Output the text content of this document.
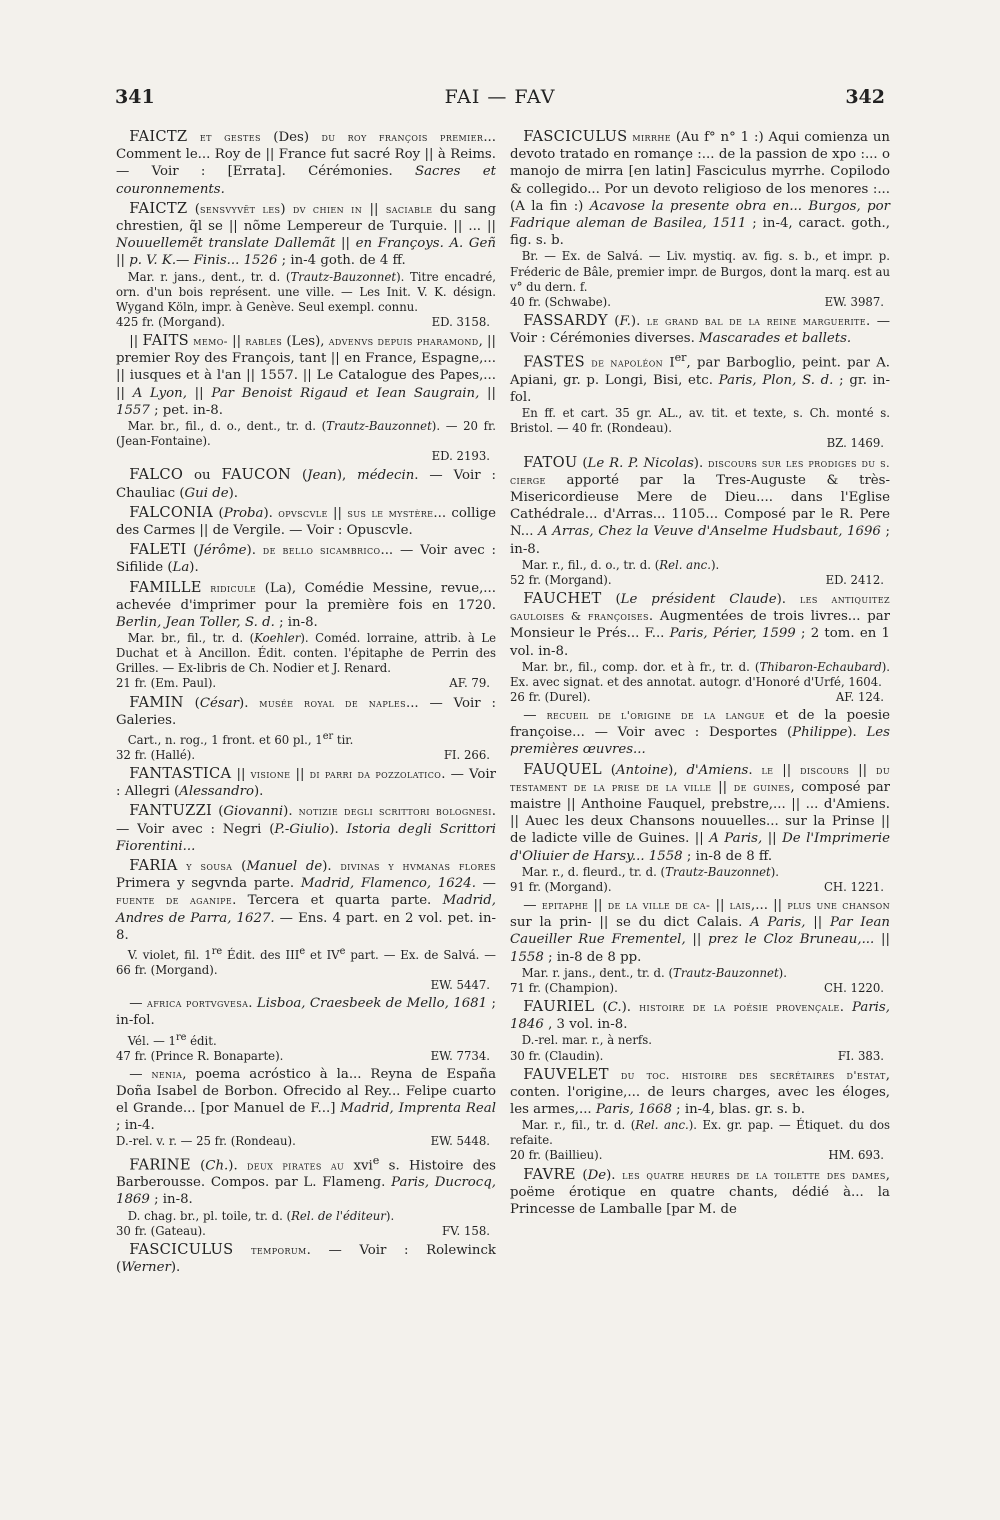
341	FAI — FAV	342

 FAICTZ et gestes (Des) du roy françois premier... Comment le... Roy de || France fut sacré Roy || à Reims. — Voir : [Errata]. Cérémonies. Sacres et couronnements.

 FAICTZ (sensvyvẽt les) dv chien in || saciable du sang chrestien, q̃l se || nõme Lempereur de Turquie. || ... || Nouuellemẽt translate Dallemãt || en Françoys. A. Geñ || p. V. K.— Finis... 1526 ; in-4 goth. de 4 ff.

 Mar. r. jans., dent., tr. d. (Trautz-Bauzonnet). Titre encadré, orn. d'un bois représent. une ville. — Les Init. V. K. désign. Wygand Köln, impr. à Genève. Seul exempl. connu.

425 fr. (Morgand).	ED. 3158.

 || FAITS memo- || rables (Les), advenvs depuis pharamond, || premier Roy des François, tant || en France, Espagne,... || iusques et à l'an || 1557. || Le Catalogue des Papes,... || A Lyon, || Par Benoist Rigaud et Iean Saugrain, || 1557 ; pet. in-8.

 Mar. br., fil., d. o., dent., tr. d. (Trautz-Bauzonnet). — 20 fr. (Jean-Fontaine).

ED. 2193.

 FALCO ou FAUCON (Jean), médecin. — Voir : Chauliac (Gui de).

 FALCONIA (Proba). opvscvle || sus le mystère... collige des Carmes || de Vergile. — Voir : Opuscvle.

 FALETI (Jérôme). de bello sicambrico... — Voir avec : Sifilide (La).

 FAMILLE ridicule (La), Comédie Messine, revue,... achevée d'imprimer pour la première fois en 1720. Berlin, Jean Toller, S. d. ; in-8.

 Mar. br., fil., tr. d. (Koehler). Coméd. lorraine, attrib. à Le Duchat et à Ancillon. Édit. conten. l'épitaphe de Perrin des Grilles. — Ex-libris de Ch. Nodier et J. Renard.

21 fr. (Em. Paul).	AF. 79.

 FAMIN (César). musée royal de naples... — Voir : Galeries.

 Cart., n. rog., 1 front. et 60 pl., 1er tir.

32 fr. (Hallé).	FI. 266.

 FANTASTICA || visione || di parri da pozzolatico. — Voir : Allegri (Alessandro).

 FANTUZZI (Giovanni). notizie degli scrittori bolognesi. — Voir avec : Negri (P.-Giulio). Istoria degli Scrittori Fiorentini...

 FARIA y sousa (Manuel de). divinas y hvmanas flores Primera y segvnda parte. Madrid, Flamenco, 1624. — fuente de aganipe. Tercera et quarta parte. Madrid, Andres de Parra, 1627. — Ens. 4 part. en 2 vol. pet. in-8.

 V. violet, fil. 1re Édit. des IIIe et IVe part. — Ex. de Salvá. — 66 fr. (Morgand).

EW. 5447.

 — africa portvgvesa. Lisboa, Craesbeek de Mello, 1681 ; in-fol.

 Vél. — 1re édit.

47 fr. (Prince R. Bonaparte).	EW. 7734.

 — nenia, poema acróstico à la... Reyna de España Doña Isabel de Borbon. Ofrecido al Rey... Felipe cuarto el Grande... [por Manuel de F...] Madrid, Imprenta Real ; in-4.

D.-rel. v. r. — 25 fr. (Rondeau).	EW. 5448.

 FARINE (Ch.). deux pirates au xvi$^e$ s. Histoire des Barberousse. Compos. par L. Flameng. Paris, Ducrocq, 1869 ; in-8.

 D. chag. br., pl. toile, tr. d. (Rel. de l'éditeur).

30 fr. (Gateau).	FV. 158.

 FASCICULUS temporum. — Voir : Rolewinck (Werner).

 FASCICULUS mirrhe (Au f° n° 1 :) Aqui comienza un devoto tratado en romançe :... de la passion de xpo :... o manojo de mirra [en latin] Fasciculus myrrhe. Copilodo & collegido... Por un devoto religioso de los menores :... (A la fin :) Acavose la presente obra en... Burgos, por Fadrique aleman de Basilea, 1511 ; in-4, caract. goth., fig. s. b.

 Br. — Ex. de Salvá. — Liv. mystiq. av. fig. s. b., et impr. p. Fréderic de Bâle, premier impr. de Burgos, dont la marq. est au v° du dern. f.

40 fr. (Schwabe).	EW. 3987.

 FASSARDY (F.). le grand bal de la reine marguerite. — Voir : Cérémonies diverses. Mascarades et ballets.

 FASTES de napoléon Ier, par Barboglio, peint. par A. Apiani, gr. p. Longi, Bisi, etc. Paris, Plon, S. d. ; gr. in-fol.

 En ff. et cart. 35 gr. AL., av. tit. et texte, s. Ch. monté s. Bristol. — 40 fr. (Rondeau).

BZ. 1469.

 FATOU (Le R. P. Nicolas). discours sur les prodiges du s. cierge apporté par la Tres-Auguste & très-Misericordieuse Mere de Dieu.... dans l'Eglise Cathédrale... d'Arras... 1105... Composé par le R. Pere N... A Arras, Chez la Veuve d'Anselme Hudsbaut, 1696 ; in-8.

 Mar. r., fil., d. o., tr. d. (Rel. anc.).

52 fr. (Morgand).	ED. 2412.

 FAUCHET (Le président Claude). les antiquitez gauloises & françoises. Augmentées de trois livres... par Monsieur le Prés... F... Paris, Périer, 1599 ; 2 tom. en 1 vol. in-8.

 Mar. br., fil., comp. dor. et à fr., tr. d. (Thibaron-Echaubard). Ex. avec signat. et des annotat. autogr. d'Honoré d'Urfé, 1604.

26 fr. (Durel).	AF. 124.

 — recueil de l'origine de la langue et de la poesie françoise... — Voir avec : Desportes (Philippe). Les premières œuvres...

 FAUQUEL (Antoine), d'Amiens. le || discours || du testament de la prise de la ville || de guines, composé par maistre || Anthoine Fauquel, prebstre,... || ... d'Amiens. || Auec les deux Chansons nouuelles... sur la Prinse || de ladicte ville de Guines. || A Paris, || De l'Imprimerie d'Oliuier de Harsy... 1558 ; in-8 de 8 ff.

 Mar. r., d. fleurd., tr. d. (Trautz-Bauzonnet).

91 fr. (Morgand).	CH. 1221.

 — epitaphe || de la ville de ca- || lais,... || plus une chanson sur la prin- || se du dict Calais. A Paris, || Par Iean Caueiller Rue Frementel, || prez le Cloz Bruneau,... || 1558 ; in-8 de 8 pp.

 Mar. r. jans., dent., tr. d. (Trautz-Bauzonnet).

71 fr. (Champion).	CH. 1220.

 FAURIEL (C.). histoire de la poésie provençale. Paris, 1846 , 3 vol. in-8.

 D.-rel. mar. r., à nerfs.

30 fr. (Claudin).	FI. 383.

 FAUVELET du toc. histoire des secrétaires d'estat, conten. l'origine,... de leurs charges, avec les éloges, les armes,... Paris, 1668 ; in-4, blas. gr. s. b.

 Mar. r., fil., tr. d. (Rel. anc.). Ex. gr. pap. — Étiquet. du dos refaite.

20 fr. (Baillieu).	HM. 693.

 FAVRE (De). les quatre heures de la toilette des dames, poëme érotique en quatre chants, dédié à... la Princesse de Lamballe [par M. de
